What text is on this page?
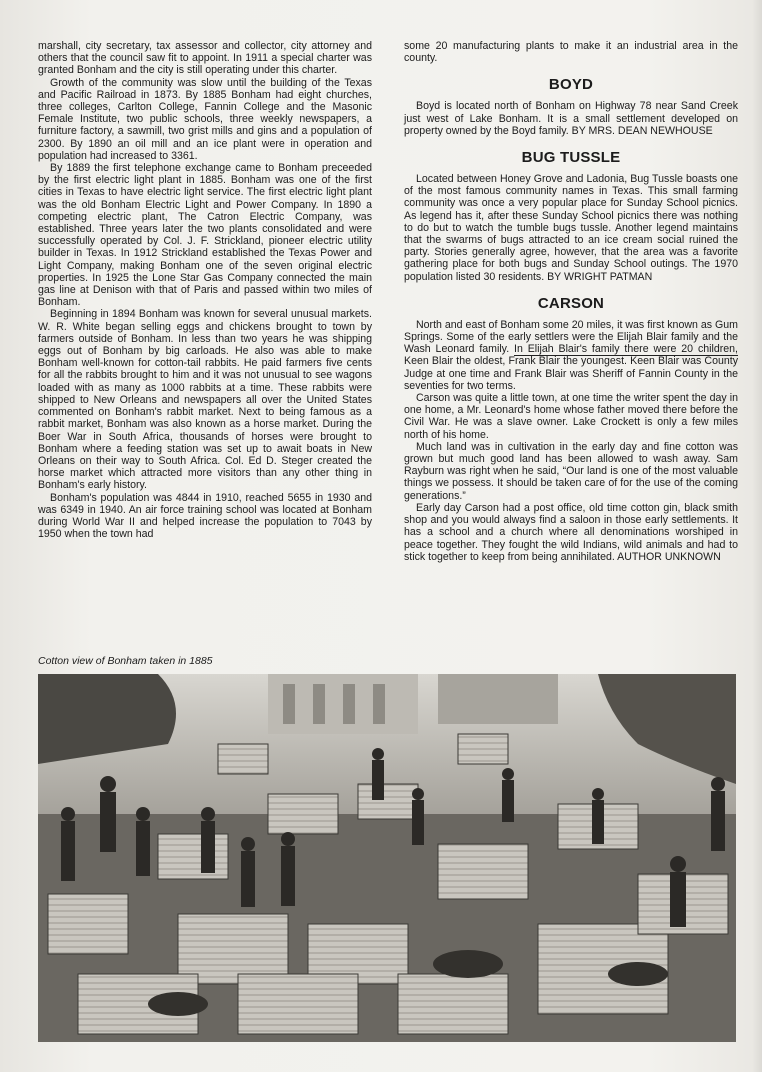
marshall, city secretary, tax assessor and collector, city attorney and others that the council saw fit to appoint. In 1911 a special charter was granted Bonham and the city is still operating under this charter.

Growth of the community was slow until the building of the Texas and Pacific Railroad in 1873. By 1885 Bonham had eight churches, three colleges, Carlton College, Fannin College and the Masonic Female Institute, two public schools, three weekly newspapers, a furniture factory, a sawmill, two grist mills and gins and a population of 2300. By 1890 an oil mill and an ice plant were in operation and population had increased to 3361.

By 1889 the first telephone exchange came to Bonham preceeded by the first electric light plant in 1885. Bonham was one of the first cities in Texas to have electric light service. The first electric light plant was the old Bonham Electric Light and Power Company. In 1890 a competing electric plant, The Catron Electric Company, was established. Three years later the two plants consolidated and were successfully operated by Col. J. F. Strickland, pioneer electric utility builder in Texas. In 1912 Strickland established the Texas Power and Light Company, making Bonham one of the seven original electric properties. In 1925 the Lone Star Gas Company connected the main gas line at Denison with that of Paris and passed within two miles of Bonham.

Beginning in 1894 Bonham was known for several unusual markets. W. R. White began selling eggs and chickens brought to town by farmers outside of Bonham. In less than two years he was shipping eggs out of Bonham by big carloads. He also was able to make Bonham well-known for cotton-tail rabbits. He paid farmers five cents for all the rabbits brought to him and it was not unusual to see wagons loaded with as many as 1000 rabbits at a time. These rabbits were shipped to New Orleans and newspapers all over the United States commented on Bonham's rabbit market. Next to being famous as a rabbit market, Bonham was also known as a horse market. During the Boer War in South Africa, thousands of horses were brought to Bonham where a feeding station was set up to await boats in New Orleans on their way to South Africa. Col. Ed D. Steger created the horse market which attracted more visitors than any other thing in Bonham's early history.

Bonham's population was 4844 in 1910, reached 5655 in 1930 and was 6349 in 1940. An air force training school was located at Bonham during World War II and helped increase the population to 7043 by 1950 when the town had

some 20 manufacturing plants to make it an industrial area in the county.

BOYD

Boyd is located north of Bonham on Highway 78 near Sand Creek just west of Lake Bonham. It is a small settlement developed on property owned by the Boyd family. BY MRS. DEAN NEWHOUSE

BUG TUSSLE

Located between Honey Grove and Ladonia, Bug Tussle boasts one of the most famous community names in Texas. This small farming community was once a very popular place for Sunday School picnics. As legend has it, after these Sunday School picnics there was nothing to do but to watch the tumble bugs tussle. Another legend maintains that the swarms of bugs attracted to an ice cream social ruined the party. Stories generally agree, however, that the area was a favorite gathering place for both bugs and Sunday School outings. The 1970 population listed 30 residents. BY WRIGHT PATMAN

CARSON

North and east of Bonham some 20 miles, it was first known as Gum Springs. Some of the early settlers were the Elijah Blair family and the Wash Leonard family. In Elijah Blair's family there were 20 children, Keen Blair the oldest, Frank Blair the youngest. Keen Blair was County Judge at one time and Frank Blair was Sheriff of Fannin County in the seventies for two terms.

Carson was quite a little town, at one time the writer spent the day in one home, a Mr. Leonard's home whose father moved there before the Civil War. He was a slave owner. Lake Crockett is only a few miles north of his home.

Much land was in cultivation in the early day and fine cotton was grown but much good land has been allowed to wash away. Sam Rayburn was right when he said, “Our land is one of the most valuable things we possess. It should be taken care of for the use of the coming generations.”

Early day Carson had a post office, old time cotton gin, black smith shop and you would always find a saloon in those early settlements. It has a school and a church where all denominations worshiped in peace together. They fought the wild Indians, wild animals and had to stick together to keep from being annihilated. AUTHOR UNKNOWN

Cotton view of Bonham taken in 1885
